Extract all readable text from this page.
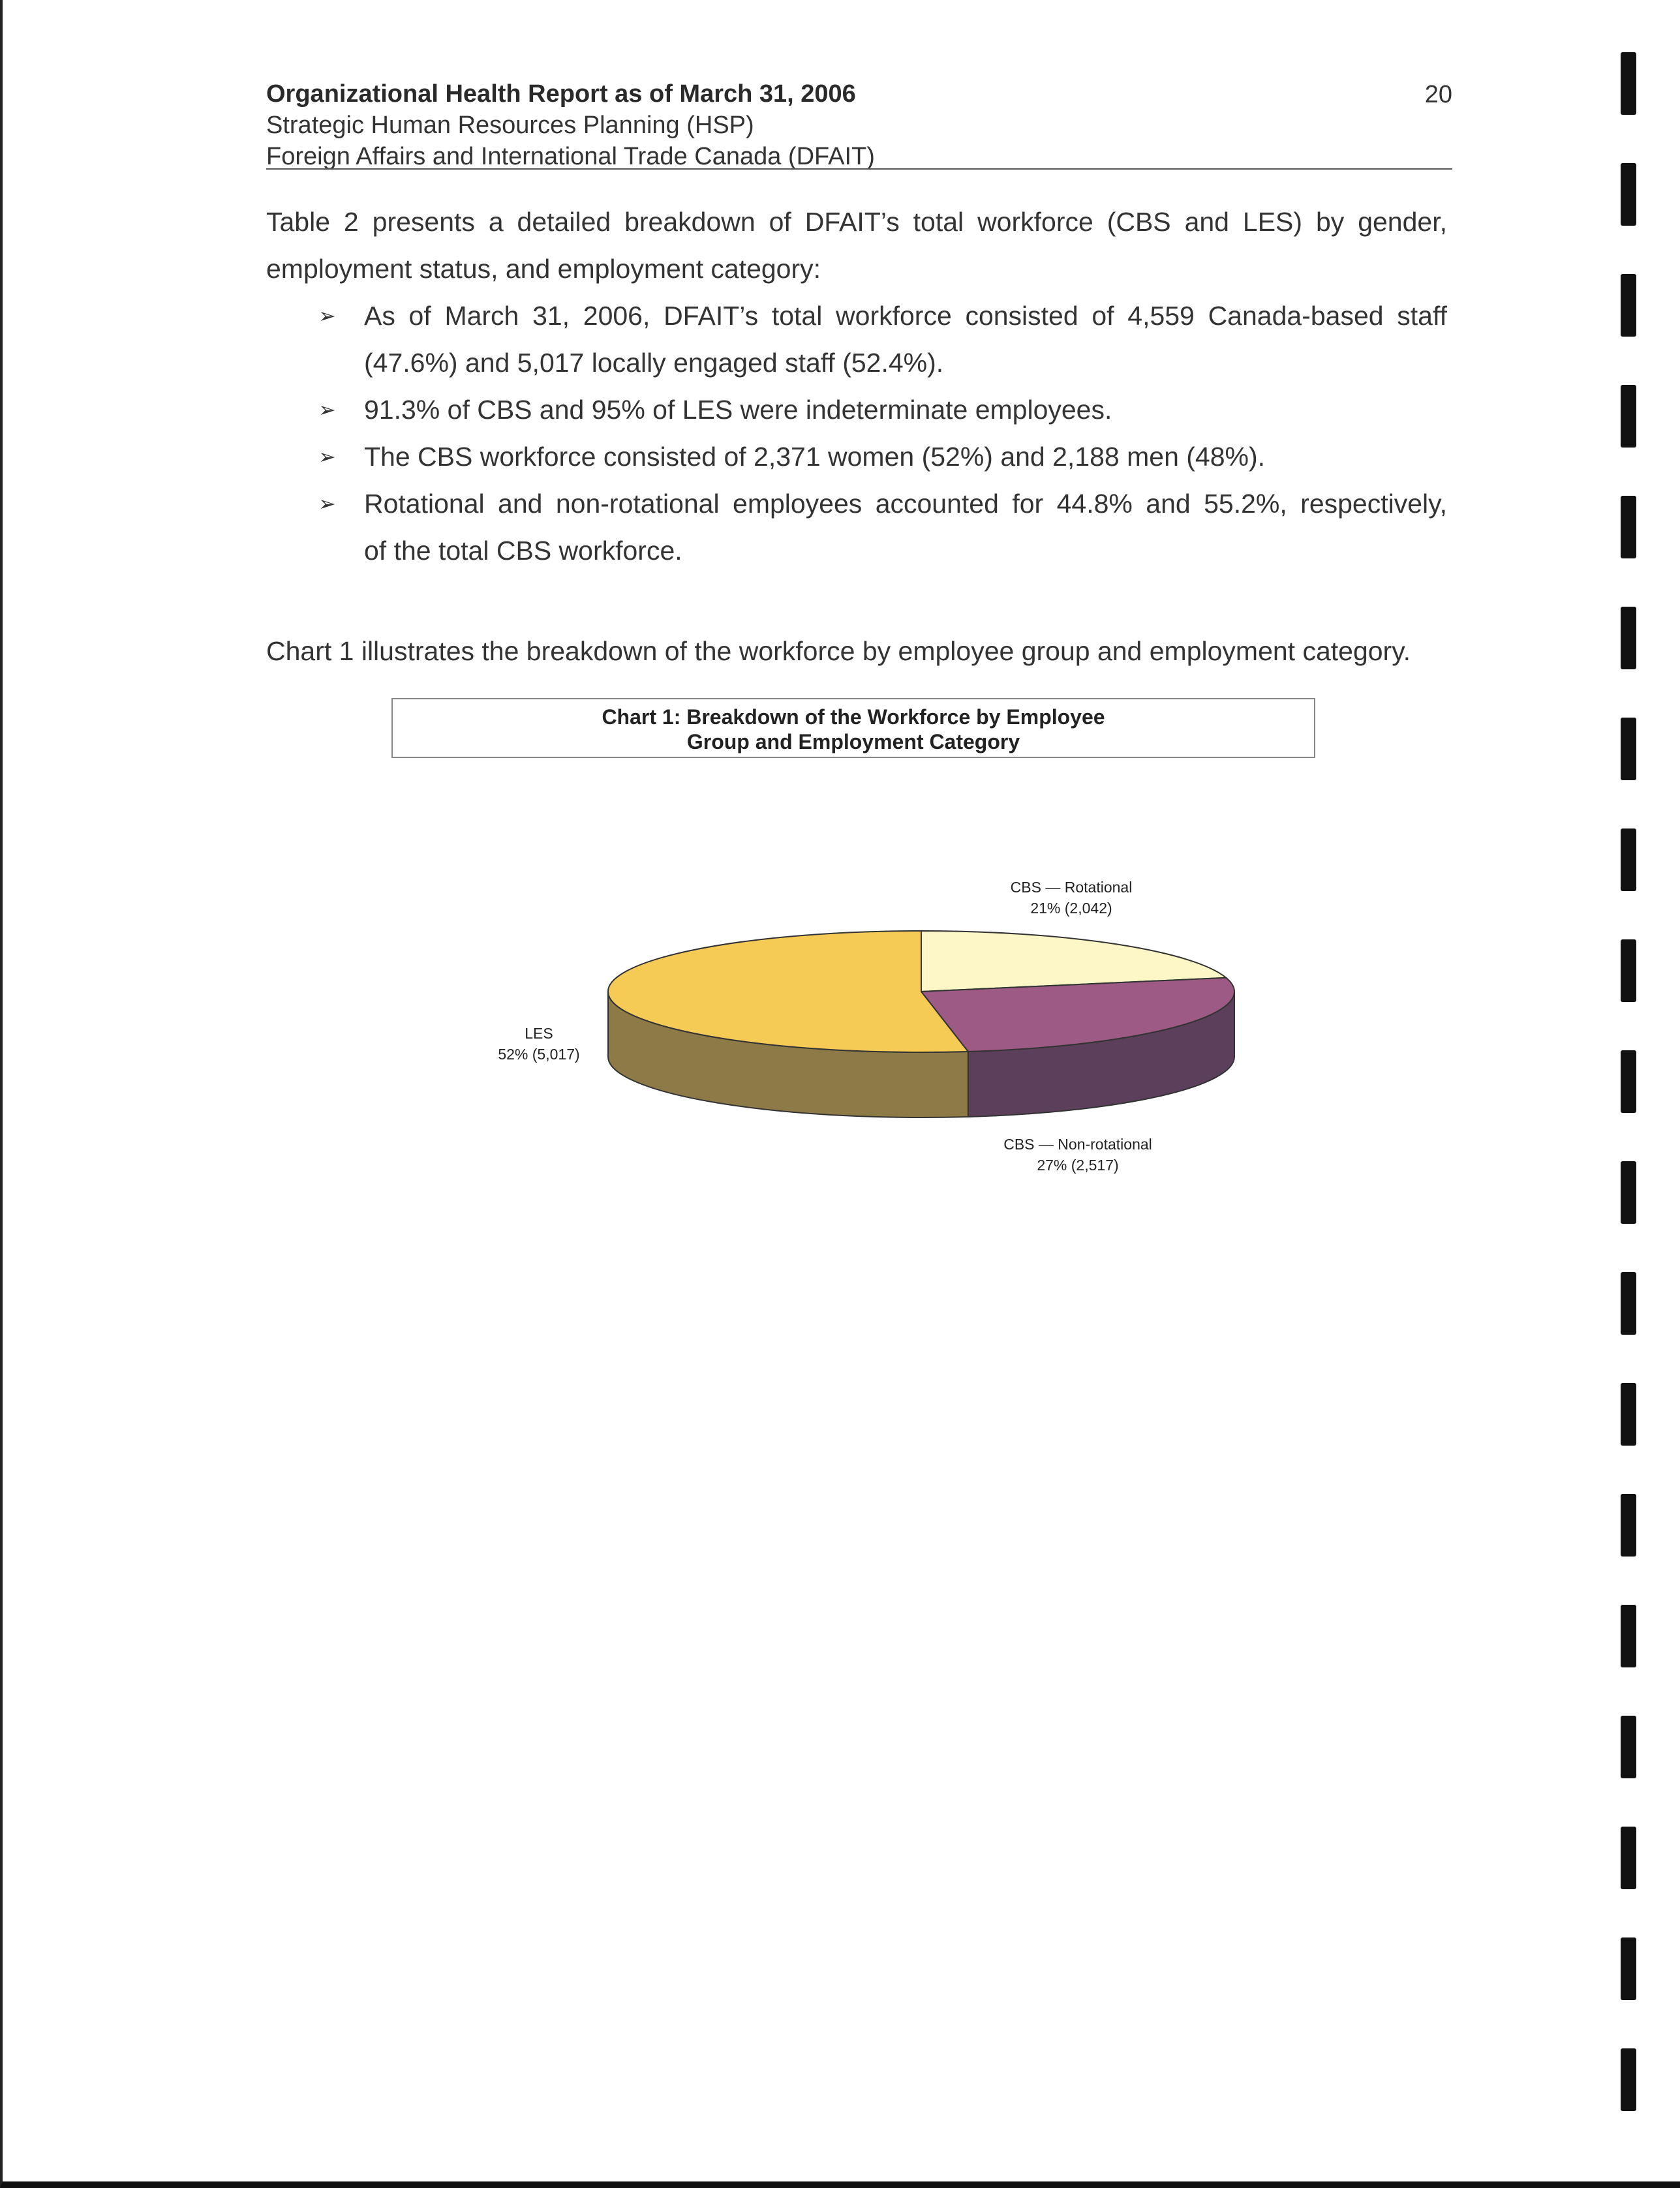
Organizational Health Report as of March 31, 2006
Strategic Human Resources Planning (HSP)
Foreign Affairs and International Trade Canada (DFAIT)
20
Table 2 presents a detailed breakdown of DFAIT’s total workforce (CBS and LES) by gender,
employment status, and employment category:
➢ As of March 31, 2006, DFAIT’s total workforce consisted of 4,559 Canada-based staff
(47.6%) and 5,017 locally engaged staff (52.4%).
➢ 91.3% of CBS and 95% of LES were indeterminate employees.
➢ The CBS workforce consisted of 2,371 women (52%) and 2,188 men (48%).
➢ Rotational and non-rotational employees accounted for 44.8% and 55.2%, respectively,
of the total CBS workforce.
Chart 1 illustrates the breakdown of the workforce by employee group and employment category.
Chart 1: Breakdown of the Workforce by Employee
Group and Employment Category
CBS — Rotational
21% (2,042)
CBS — Non-rotational
27% (2,517)
LES
52% (5,017)
